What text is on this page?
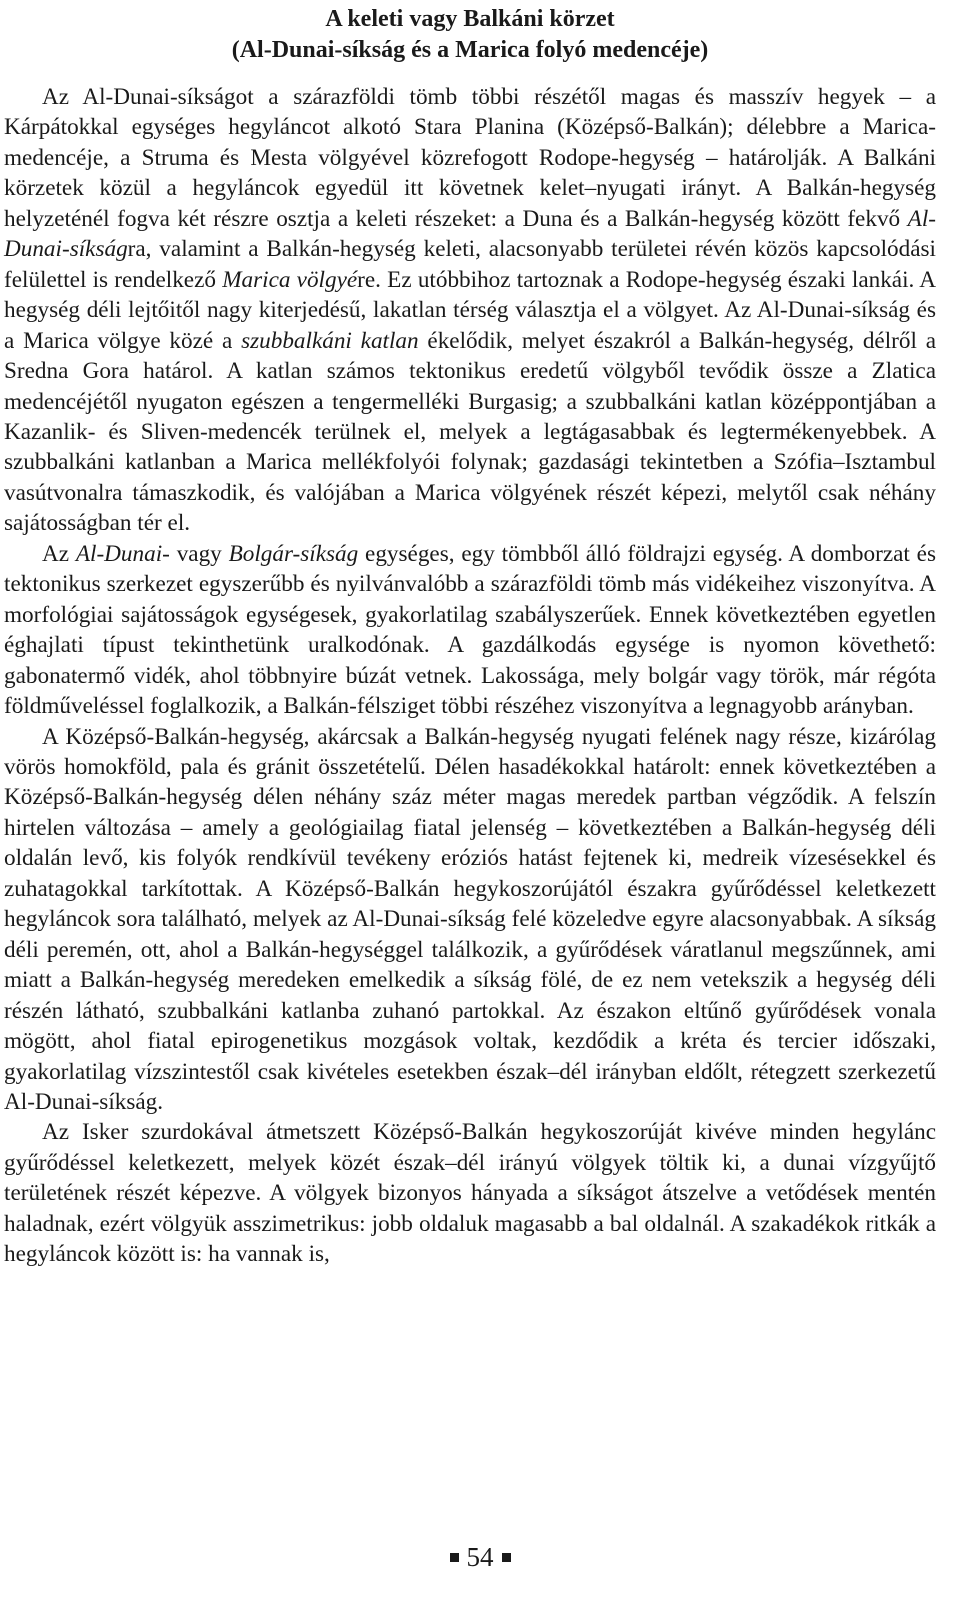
A keleti vagy Balkáni körzet
(Al-Dunai-síkság és a Marica folyó medencéje)

Az Al-Dunai-síkságot a szárazföldi tömb többi részétől magas és masszív hegyek – a Kárpátokkal egységes hegyláncot alkotó Stara Planina (Középső-Balkán); délebbre a Marica-medencéje, a Struma és Mesta völgyével közrefogott Rodope-hegység – határolják. A Balkáni körzetek közül a hegyláncok egyedül itt követnek kelet–nyugati irányt. A Balkán-hegység helyzeténél fogva két részre osztja a keleti részeket: a Duna és a Balkán-hegység között fekvő Al-Dunai-síkságra, valamint a Balkán-hegység keleti, alacsonyabb területei révén közös kapcsolódási felülettel is rendelkező Marica völgyére. Ez utóbbihoz tartoznak a Rodope-hegység északi lankái. A hegység déli lejtőitől nagy kiterjedésű, lakatlan térség választja el a völgyet. Az Al-Dunai-síkság és a Marica völgye közé a szubbalkáni katlan ékelődik, melyet északról a Balkán-hegység, délről a Sredna Gora határol. A katlan számos tektonikus eredetű völgyből tevődik össze a Zlatica medencéjétől nyugaton egészen a tengermelléki Burgasig; a szubbalkáni katlan középpontjában a Kazanlik- és Sliven-medencék terülnek el, melyek a legtágasabbak és legtermékenyebbek. A szubbalkáni katlanban a Marica mellékfolyói folynak; gazdasági tekintetben a Szófia–Isztambul vasútvonalra támaszkodik, és valójában a Marica völgyének részét képezi, melytől csak néhány sajátosságban tér el.

Az Al-Dunai- vagy Bolgár-síkság egységes, egy tömbből álló földrajzi egység. A domborzat és tektonikus szerkezet egyszerűbb és nyilvánvalóbb a szárazföldi tömb más vidékeihez viszonyítva. A morfológiai sajátosságok egységesek, gyakorlatilag szabályszerűek. Ennek következtében egyetlen éghajlati típust tekinthetünk uralkodónak. A gazdálkodás egysége is nyomon követhető: gabonatermő vidék, ahol többnyire búzát vetnek. Lakossága, mely bolgár vagy török, már régóta földműveléssel foglalkozik, a Balkán-félsziget többi részéhez viszonyítva a legnagyobb arányban.

A Középső-Balkán-hegység, akárcsak a Balkán-hegység nyugati felének nagy része, kizárólag vörös homokföld, pala és gránit összetételű. Délen hasadékokkal határolt: ennek következtében a Középső-Balkán-hegység délen néhány száz méter magas meredek partban végződik. A felszín hirtelen változása – amely a geológiailag fiatal jelenség – következtében a Balkán-hegység déli oldalán levő, kis folyók rendkívül tevékeny eróziós hatást fejtenek ki, medreik vízesésekkel és zuhatagokkal tarkítottak. A Középső-Balkán hegykoszorújától északra gyűrődéssel keletkezett hegyláncok sora található, melyek az Al-Dunai-síkság felé közeledve egyre alacsonyabbak. A síkság déli peremén, ott, ahol a Balkán-hegységgel találkozik, a gyűrődések váratlanul megszűnnek, ami miatt a Balkán-hegység meredeken emelkedik a síkság fölé, de ez nem vetekszik a hegység déli részén látható, szubbalkáni katlanba zuhanó partokkal. Az északon eltűnő gyűrődések vonala mögött, ahol fiatal epirogenetikus mozgások voltak, kezdődik a kréta és tercier időszaki, gyakorlatilag vízszintestől csak kivételes esetekben észak–dél irányban eldőlt, rétegzett szerkezetű Al-Dunai-síkság.

Az Isker szurdokával átmetszett Középső-Balkán hegykoszorúját kivéve minden hegylánc gyűrődéssel keletkezett, melyek közét észak–dél irányú völgyek töltik ki, a dunai vízgyűjtő területének részét képezve. A völgyek bizonyos hányada a síkságot átszelve a vetődések mentén haladnak, ezért völgyük asszimetrikus: jobb oldaluk magasabb a bal oldalnál. A szakadékok ritkák a hegyláncok között is: ha vannak is,

54
